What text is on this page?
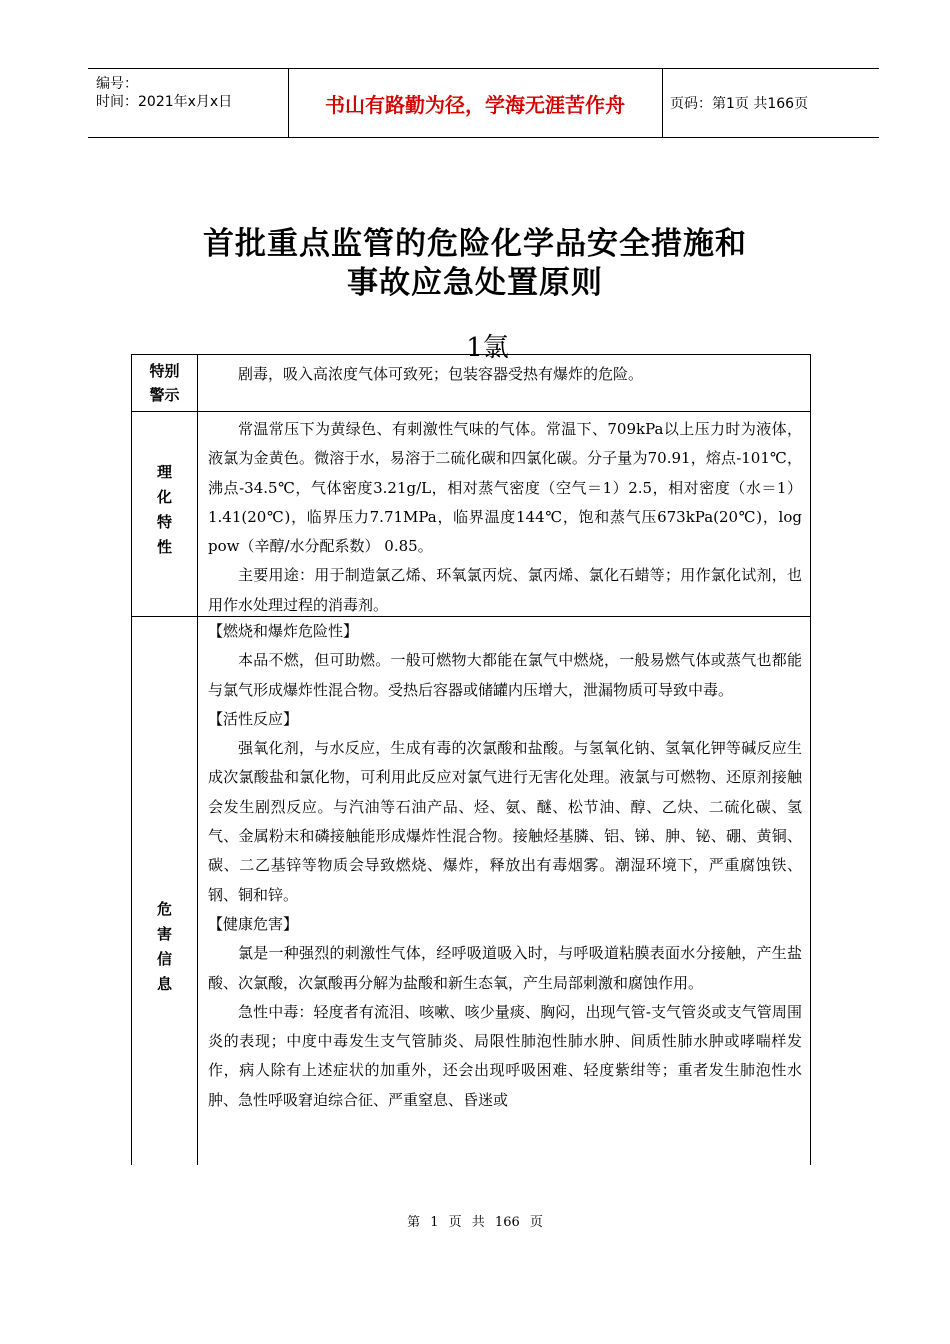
编号：
时间：2021年x月x日	书山有路勤为径，学海无涯苦作舟	页码：第1页 共166页
首批重点监管的危险化学品安全措施和
事故应急处置原则
1氯
特别警示

剧毒，吸入高浓度气体可致死；包装容器受热有爆炸的危险。

理化特性

常温常压下为黄绿色、有刺激性气味的气体。常温下、709kPa以上压力时为液体，液氯为金黄色。微溶于水，易溶于二硫化碳和四氯化碳。分子量为70.91，熔点-101℃，沸点-34.5℃，气体密度3.21g/L，相对蒸气密度（空气＝1）2.5，相对密度（水＝1）1.41(20℃)，临界压力7.71MPa，临界温度144℃，饱和蒸气压673kPa(20℃)，log pow（辛醇/水分配系数） 0.85。

主要用途：用于制造氯乙烯、环氧氯丙烷、氯丙烯、氯化石蜡等；用作氯化试剂，也用作水处理过程的消毒剂。

危害信息

【燃烧和爆炸危险性】

本品不燃，但可助燃。一般可燃物大都能在氯气中燃烧，一般易燃气体或蒸气也都能与氯气形成爆炸性混合物。受热后容器或储罐内压增大，泄漏物质可导致中毒。

【活性反应】

强氧化剂，与水反应，生成有毒的次氯酸和盐酸。与氢氧化钠、氢氧化钾等碱反应生成次氯酸盐和氯化物，可利用此反应对氯气进行无害化处理。液氯与可燃物、还原剂接触会发生剧烈反应。与汽油等石油产品、烃、氨、醚、松节油、醇、乙炔、二硫化碳、氢气、金属粉末和磷接触能形成爆炸性混合物。接触烃基膦、铝、锑、胂、铋、硼、黄铜、碳、二乙基锌等物质会导致燃烧、爆炸，释放出有毒烟雾。潮湿环境下，严重腐蚀铁、钢、铜和锌。

【健康危害】

氯是一种强烈的刺激性气体，经呼吸道吸入时，与呼吸道粘膜表面水分接触，产生盐酸、次氯酸，次氯酸再分解为盐酸和新生态氧，产生局部刺激和腐蚀作用。

急性中毒：轻度者有流泪、咳嗽、咳少量痰、胸闷，出现气管-支气管炎或支气管周围炎的表现；中度中毒发生支气管肺炎、局限性肺泡性肺水肿、间质性肺水肿或哮喘样发作，病人除有上述症状的加重外，还会出现呼吸困难、轻度紫绀等；重者发生肺泡性水肿、急性呼吸窘迫综合征、严重窒息、昏迷或

第 1 页 共 166 页
